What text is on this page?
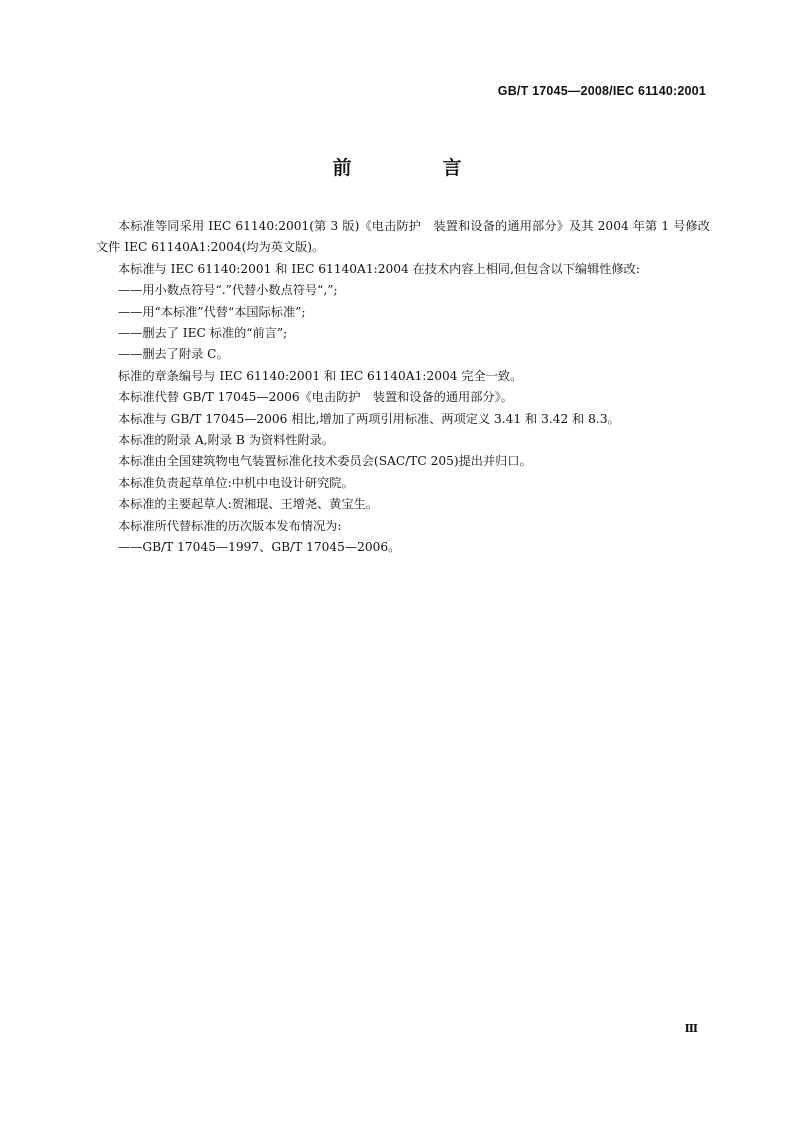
GB/T 17045—2008/IEC 61140:2001
前　言

本标准等同采用 IEC 61140:2001(第 3 版)《电击防护　装置和设备的通用部分》及其 2004 年第 1 号修改文件 IEC 61140A1:2004(均为英文版)。

本标准与 IEC 61140:2001 和 IEC 61140A1:2004 在技术内容上相同,但包含以下编辑性修改:

——用小数点符号“.”代替小数点符号“,”;

——用“本标准”代替“本国际标准”;

——删去了 IEC 标准的“前言”;

——删去了附录 C。

标准的章条编号与 IEC 61140:2001 和 IEC 61140A1:2004 完全一致。

本标准代替 GB/T 17045—2006《电击防护　装置和设备的通用部分》。

本标准与 GB/T 17045—2006 相比,增加了两项引用标准、两项定义 3.41 和 3.42 和 8.3。

本标准的附录 A,附录 B 为资料性附录。

本标准由全国建筑物电气装置标准化技术委员会(SAC/TC 205)提出并归口。

本标准负责起草单位:中机中电设计研究院。

本标准的主要起草人:贺湘琨、王增尧、黄宝生。

本标准所代替标准的历次版本发布情况为:

——GB/T 17045—1997、GB/T 17045—2006。

Ⅲ
